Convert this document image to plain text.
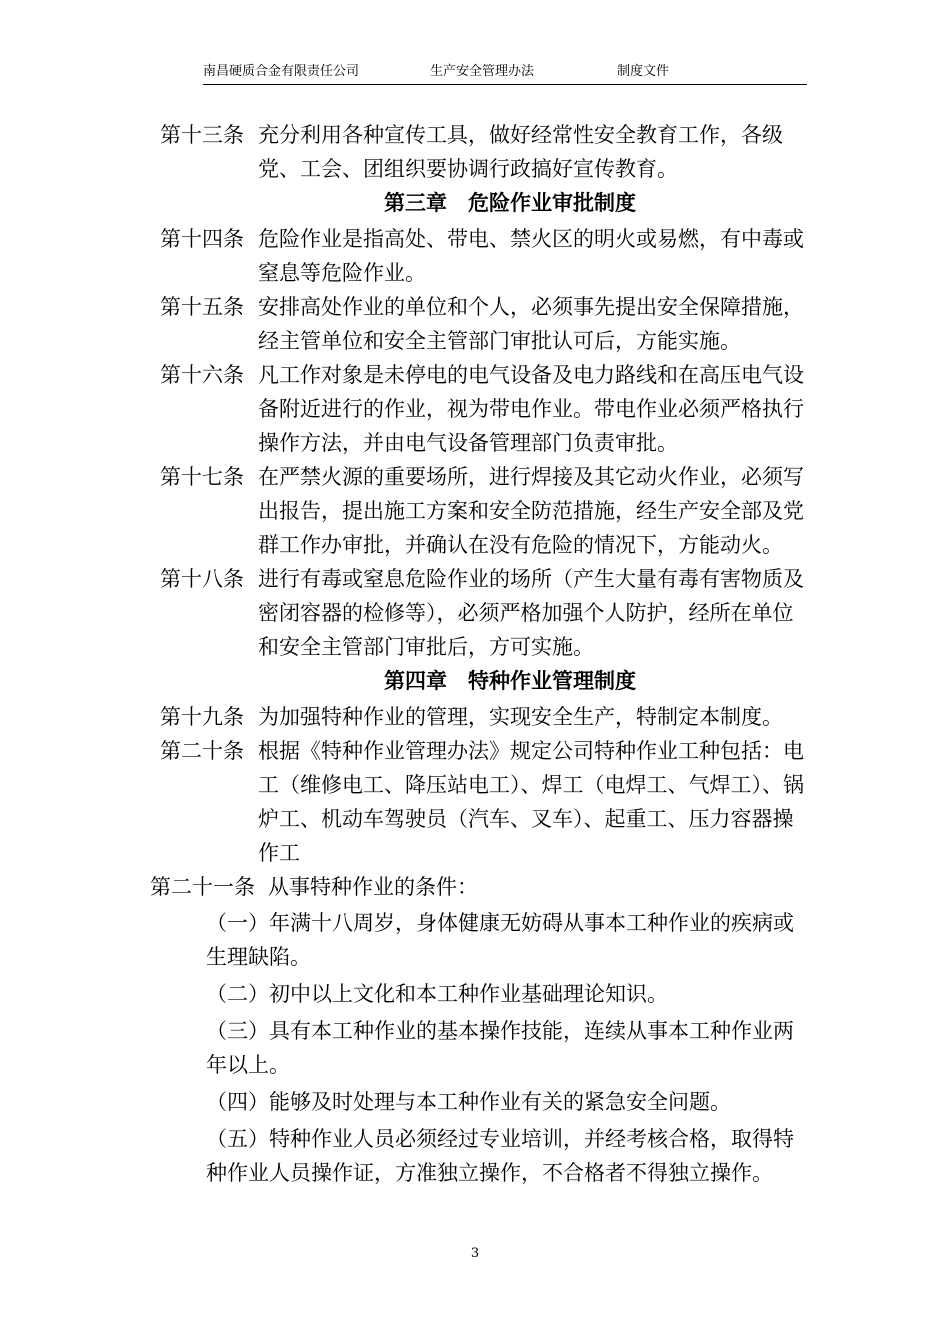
南昌硬质合金有限责任公司	生产安全管理办法	制度文件

第十三条 充分利用各种宣传工具，做好经常性安全教育工作，各级党、工会、团组织要协调行政搞好宣传教育。

第三章　危险作业审批制度

第十四条 危险作业是指高处、带电、禁火区的明火或易燃，有中毒或窒息等危险作业。

第十五条 安排高处作业的单位和个人，必须事先提出安全保障措施，经主管单位和安全主管部门审批认可后，方能实施。

第十六条 凡工作对象是未停电的电气设备及电力路线和在高压电气设备附近进行的作业，视为带电作业。带电作业必须严格执行操作方法，并由电气设备管理部门负责审批。

第十七条 在严禁火源的重要场所，进行焊接及其它动火作业，必须写出报告，提出施工方案和安全防范措施，经生产安全部及党群工作办审批，并确认在没有危险的情况下，方能动火。

第十八条 进行有毒或窒息危险作业的场所（产生大量有毒有害物质及密闭容器的检修等），必须严格加强个人防护，经所在单位和安全主管部门审批后，方可实施。

第四章　特种作业管理制度

第十九条 为加强特种作业的管理，实现安全生产，特制定本制度。

第二十条 根据《特种作业管理办法》规定公司特种作业工种包括：电工（维修电工、降压站电工）、焊工（电焊工、气焊工）、锅炉工、机动车驾驶员（汽车、叉车）、起重工、压力容器操作工

第二十一条 从事特种作业的条件：

（一）年满十八周岁，身体健康无妨碍从事本工种作业的疾病或生理缺陷。

（二）初中以上文化和本工种作业基础理论知识。

（三）具有本工种作业的基本操作技能，连续从事本工种作业两年以上。

（四）能够及时处理与本工种作业有关的紧急安全问题。

（五）特种作业人员必须经过专业培训，并经考核合格，取得特种作业人员操作证，方准独立操作，不合格者不得独立操作。

3
